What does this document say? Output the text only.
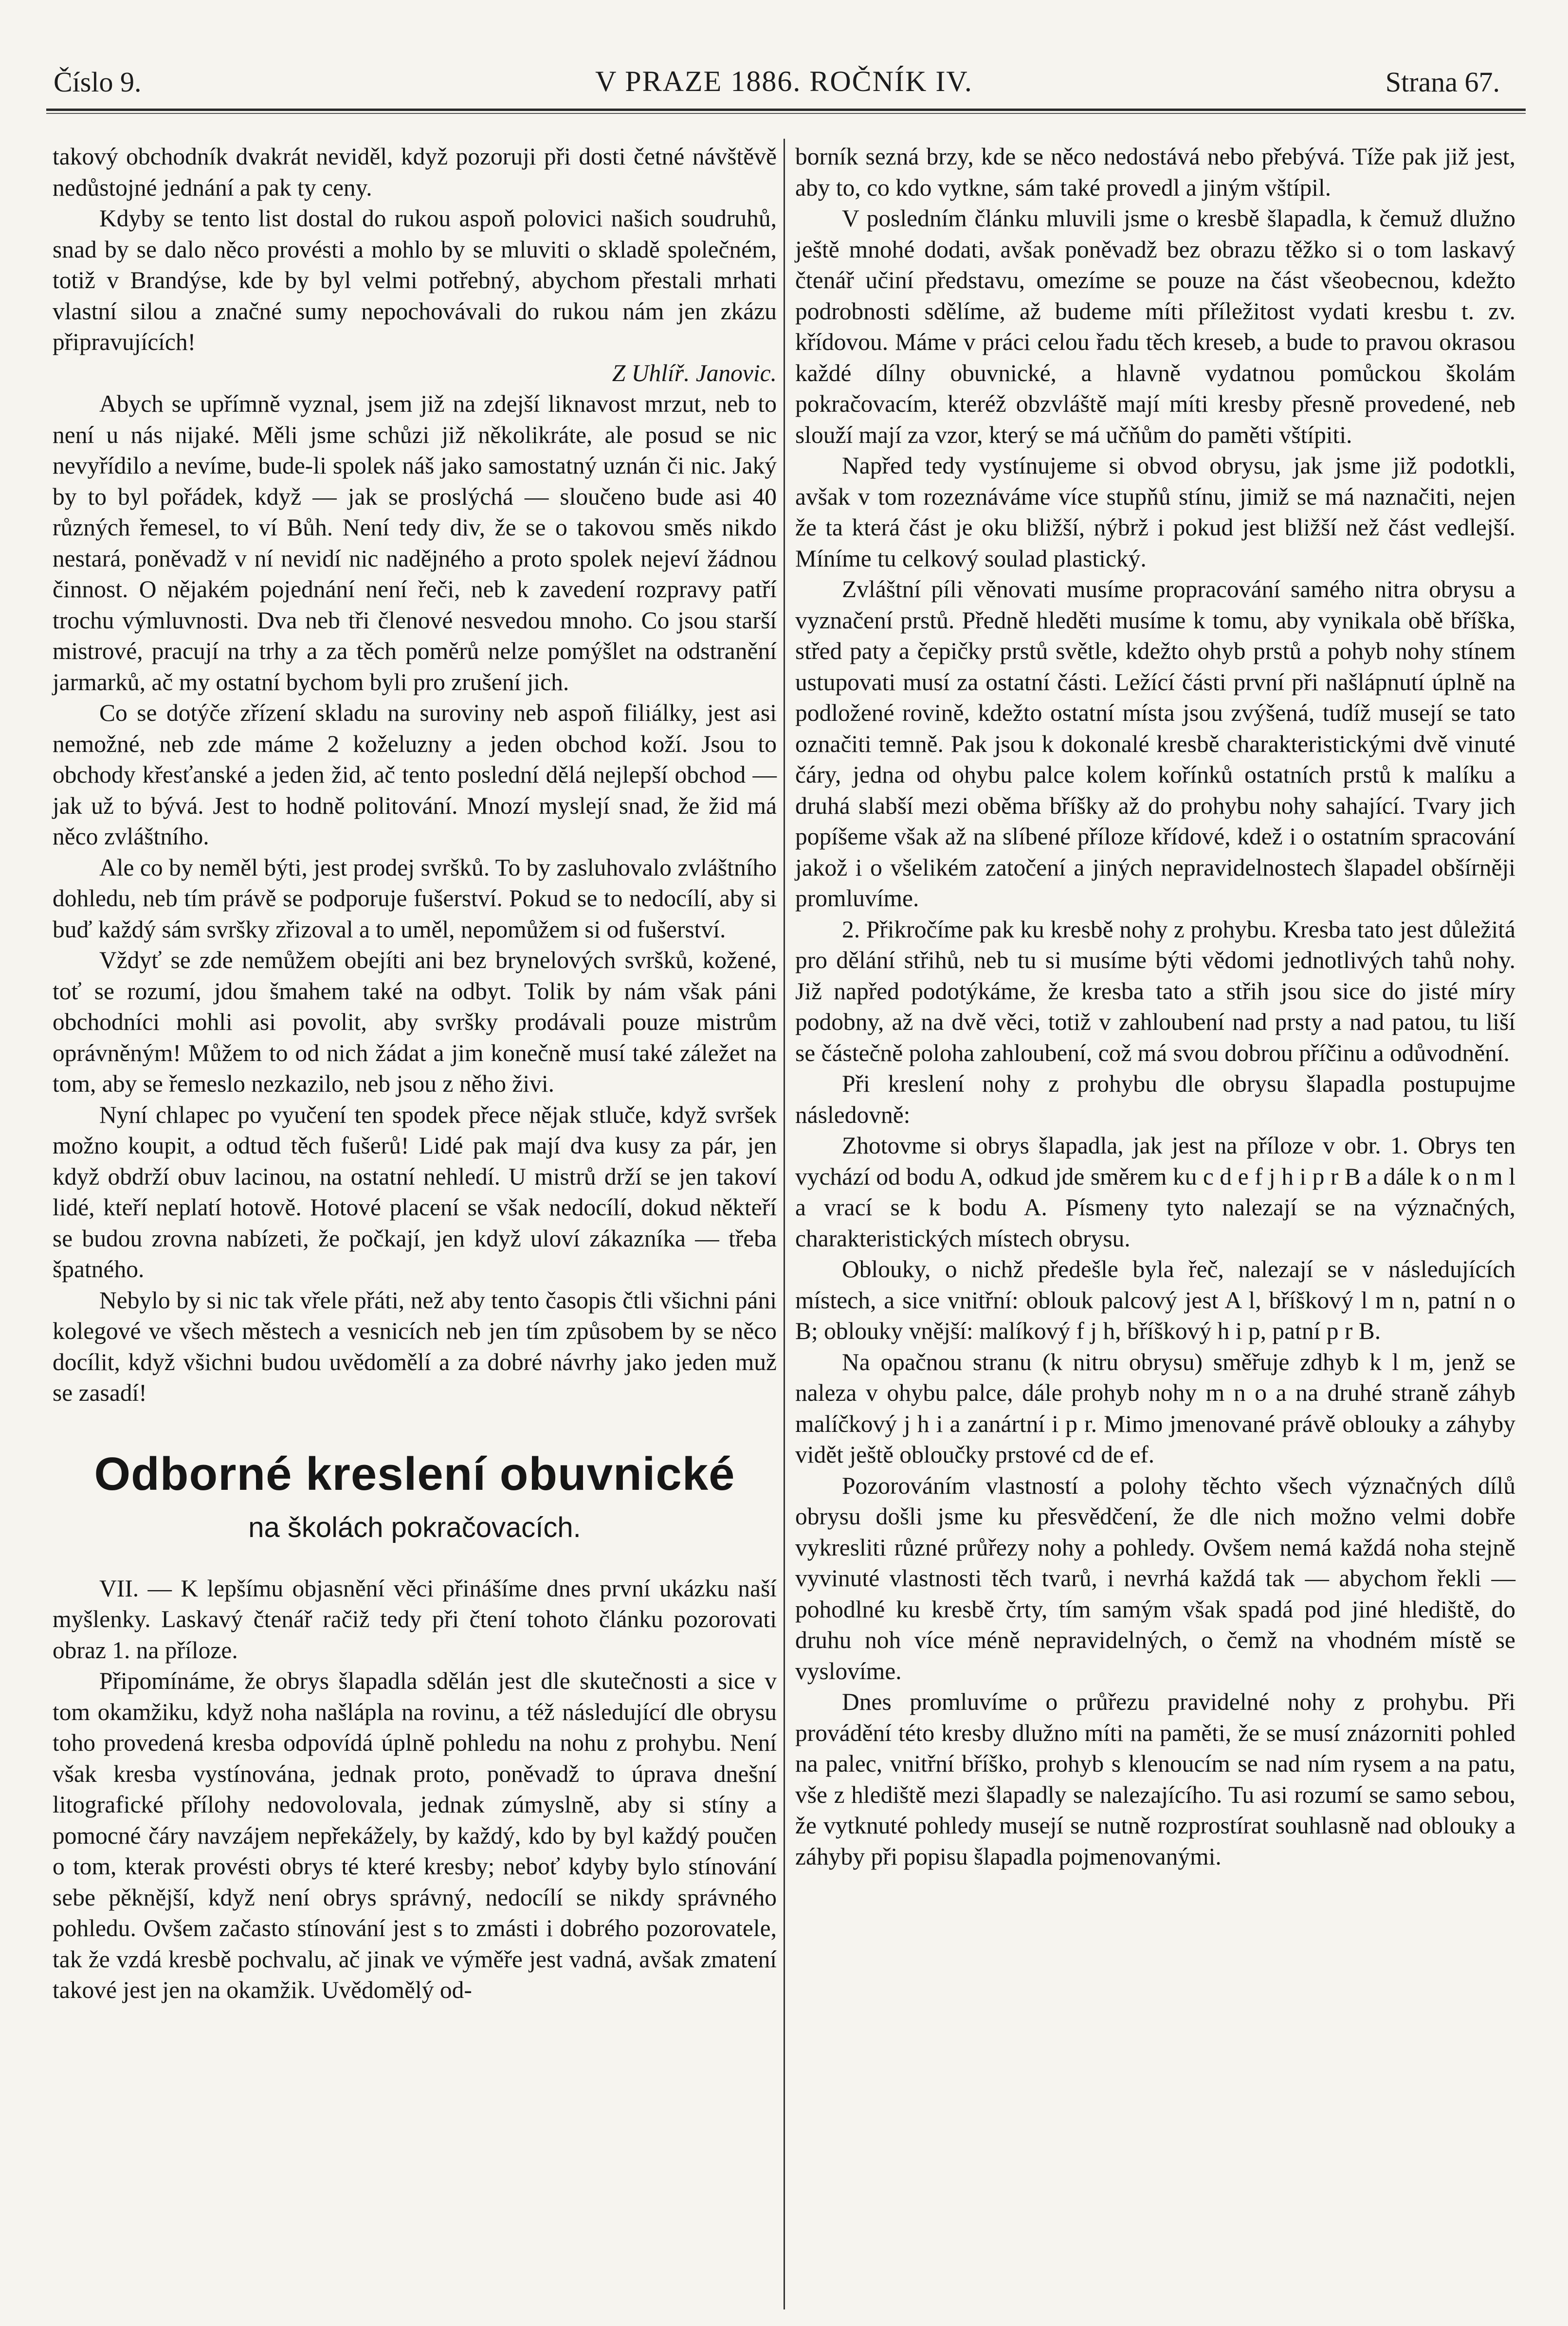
Číslo 9.	V PRAZE 1886. ROČNÍK IV.	Strana 67.

takový obchodník dvakrát neviděl, když pozoruji při dosti četné návštěvě nedůstojné jednání a pak ty ceny.

Kdyby se tento list dostal do rukou aspoň polovici našich soudruhů, snad by se dalo něco provésti a mohlo by se mluviti o skladě společném, totiž v Brandýse, kde by byl velmi potřebný, abychom přestali mrhati vlastní silou a značné sumy nepochovávali do rukou nám jen zkázu připravujících!

Z Uhlíř. Janovic.

Abych se upřímně vyznal, jsem již na zdejší liknavost mrzut, neb to není u nás nijaké. Měli jsme schůzi již několikráte, ale posud se nic nevyřídilo a nevíme, bude-li spolek náš jako samostatný uznán či nic. Jaký by to byl pořádek, když — jak se proslýchá — sloučeno bude asi 40 různých řemesel, to ví Bůh. Není tedy div, že se o takovou směs nikdo nestará, poněvadž v ní nevidí nic nadějného a proto spolek nejeví žádnou činnost. O nějakém pojednání není řeči, neb k zavedení rozpravy patří trochu výmluvnosti. Dva neb tři členové nesvedou mnoho. Co jsou starší mistrové, pracují na trhy a za těch poměrů nelze pomýšlet na odstranění jarmarků, ač my ostatní bychom byli pro zrušení jich.

Co se dotýče zřízení skladu na suroviny neb aspoň filiálky, jest asi nemožné, neb zde máme 2 koželuzny a jeden obchod koží. Jsou to obchody křesťanské a jeden žid, ač tento poslední dělá nejlepší obchod — jak už to bývá. Jest to hodně politování. Mnozí myslejí snad, že žid má něco zvláštního.

Ale co by neměl býti, jest prodej svršků. To by zasluhovalo zvláštního dohledu, neb tím právě se podporuje fušerství. Pokud se to nedocílí, aby si buď každý sám svršky zřizoval a to uměl, nepomůžem si od fušerství.

Vždyť se zde nemůžem obejíti ani bez brynelových svršků, kožené, toť se rozumí, jdou šmahem také na odbyt. Tolik by nám však páni obchodníci mohli asi povolit, aby svršky prodávali pouze mistrům oprávněným! Můžem to od nich žádat a jim konečně musí také záležet na tom, aby se řemeslo nezkazilo, neb jsou z něho živi.

Nyní chlapec po vyučení ten spodek přece nějak stluče, když svršek možno koupit, a odtud těch fušerů! Lidé pak mají dva kusy za pár, jen když obdrží obuv lacinou, na ostatní nehledí. U mistrů drží se jen takoví lidé, kteří neplatí hotově. Hotové placení se však nedocílí, dokud někteří se budou zrovna nabízeti, že počkají, jen když uloví zákazníka — třeba špatného.

Nebylo by si nic tak vřele přáti, než aby tento časopis čtli všichni páni kolegové ve všech městech a vesnicích neb jen tím způsobem by se něco docílit, když všichni budou uvědomělí a za dobré návrhy jako jeden muž se zasadí!

Odborné kreslení obuvnické
na školách pokračovacích.

VII. — K lepšímu objasnění věci přinášíme dnes první ukázku naší myšlenky. Laskavý čtenář račiž tedy při čtení tohoto článku pozorovati obraz 1. na příloze.

Připomínáme, že obrys šlapadla sdělán jest dle skutečnosti a sice v tom okamžiku, když noha našlápla na rovinu, a též následující dle obrysu toho provedená kresba odpovídá úplně pohledu na nohu z prohybu. Není však kresba vystínována, jednak proto, poněvadž to úprava dnešní litografické přílohy nedovolovala, jednak zúmyslně, aby si stíny a pomocné čáry navzájem nepřekážely, by každý, kdo by byl každý poučen o tom, kterak provésti obrys té které kresby; neboť kdyby bylo stínování sebe pěknější, když není obrys správný, nedocílí se nikdy správného pohledu. Ovšem začasto stínování jest s to zmásti i dobrého pozorovatele, tak že vzdá kresbě pochvalu, ač jinak ve výměře jest vadná, avšak zmatení takové jest jen na okamžik. Uvědomělý od-

borník sezná brzy, kde se něco nedostává nebo přebývá. Tíže pak již jest, aby to, co kdo vytkne, sám také provedl a jiným vštípil.

V posledním článku mluvili jsme o kresbě šlapadla, k čemuž dlužno ještě mnohé dodati, avšak poněvadž bez obrazu těžko si o tom laskavý čtenář učiní představu, omezíme se pouze na část všeobecnou, kdežto podrobnosti sdělíme, až budeme míti příležitost vydati kresbu t. zv. křídovou. Máme v práci celou řadu těch kreseb, a bude to pravou okrasou každé dílny obuvnické, a hlavně vydatnou pomůckou školám pokračovacím, kteréž obzvláště mají míti kresby přesně provedené, neb slouží mají za vzor, který se má učňům do paměti vštípiti.

Napřed tedy vystínujeme si obvod obrysu, jak jsme již podotkli, avšak v tom rozeznáváme více stupňů stínu, jimiž se má naznačiti, nejen že ta která část je oku bližší, nýbrž i pokud jest bližší než část vedlejší. Míníme tu celkový soulad plastický.

Zvláštní píli věnovati musíme propracování samého nitra obrysu a vyznačení prstů. Předně hleděti musíme k tomu, aby vynikala obě bříška, střed paty a čepičky prstů světle, kdežto ohyb prstů a pohyb nohy stínem ustupovati musí za ostatní části. Ležící části první při našlápnutí úplně na podložené rovině, kdežto ostatní místa jsou zvýšená, tudíž musejí se tato označiti temně. Pak jsou k dokonalé kresbě charakteristickými dvě vinuté čáry, jedna od ohybu palce kolem kořínků ostatních prstů k malíku a druhá slabší mezi oběma bříšky až do prohybu nohy sahající. Tvary jich popíšeme však až na slíbené příloze křídové, kdež i o ostatním spracování jakož i o všelikém zatočení a jiných nepravidelnostech šlapadel obšírněji promluvíme.

2. Přikročíme pak ku kresbě nohy z prohybu. Kresba tato jest důležitá pro dělání střihů, neb tu si musíme býti vědomi jednotlivých tahů nohy. Již napřed podotýkáme, že kresba tato a střih jsou sice do jisté míry podobny, až na dvě věci, totiž v zahloubení nad prsty a nad patou, tu liší se částečně poloha zahloubení, což má svou dobrou příčinu a odůvodnění.

Při kreslení nohy z prohybu dle obrysu šlapadla postupujme následovně:

Zhotovme si obrys šlapadla, jak jest na příloze v obr. 1. Obrys ten vychází od bodu A, odkud jde směrem ku c d e f j h i p r B a dále k o n m l a vrací se k bodu A. Písmeny tyto nalezají se na význačných, charakteristických místech obrysu.

Oblouky, o nichž předešle byla řeč, nalezají se v následujících místech, a sice vnitřní: oblouk palcový jest A l, bříškový l m n, patní n o B; oblouky vnější: malíkový f j h, bříškový h i p, patní p r B.

Na opačnou stranu (k nitru obrysu) směřuje zdhyb k l m, jenž se naleza v ohybu palce, dále prohyb nohy m n o a na druhé straně záhyb malíčkový j h i a zanártní i p r. Mimo jmenované právě oblouky a záhyby vidět ještě obloučky prstové cd de ef.

Pozorováním vlastností a polohy těchto všech význačných dílů obrysu došli jsme ku přesvědčení, že dle nich možno velmi dobře vykresliti různé průřezy nohy a pohledy. Ovšem nemá každá noha stejně vyvinuté vlastnosti těch tvarů, i nevrhá každá tak — abychom řekli — pohodlné ku kresbě črty, tím samým však spadá pod jiné hlediště, do druhu noh více méně nepravidelných, o čemž na vhodném místě se vyslovíme.

Dnes promluvíme o průřezu pravidelné nohy z prohybu. Při provádění této kresby dlužno míti na paměti, že se musí znázorniti pohled na palec, vnitřní bříško, prohyb s klenoucím se nad ním rysem a na patu, vše z hlediště mezi šlapadly se nalezajícího. Tu asi rozumí se samo sebou, že vytknuté pohledy musejí se nutně rozprostírat souhlasně nad oblouky a záhyby při popisu šlapadla pojmenovanými.
